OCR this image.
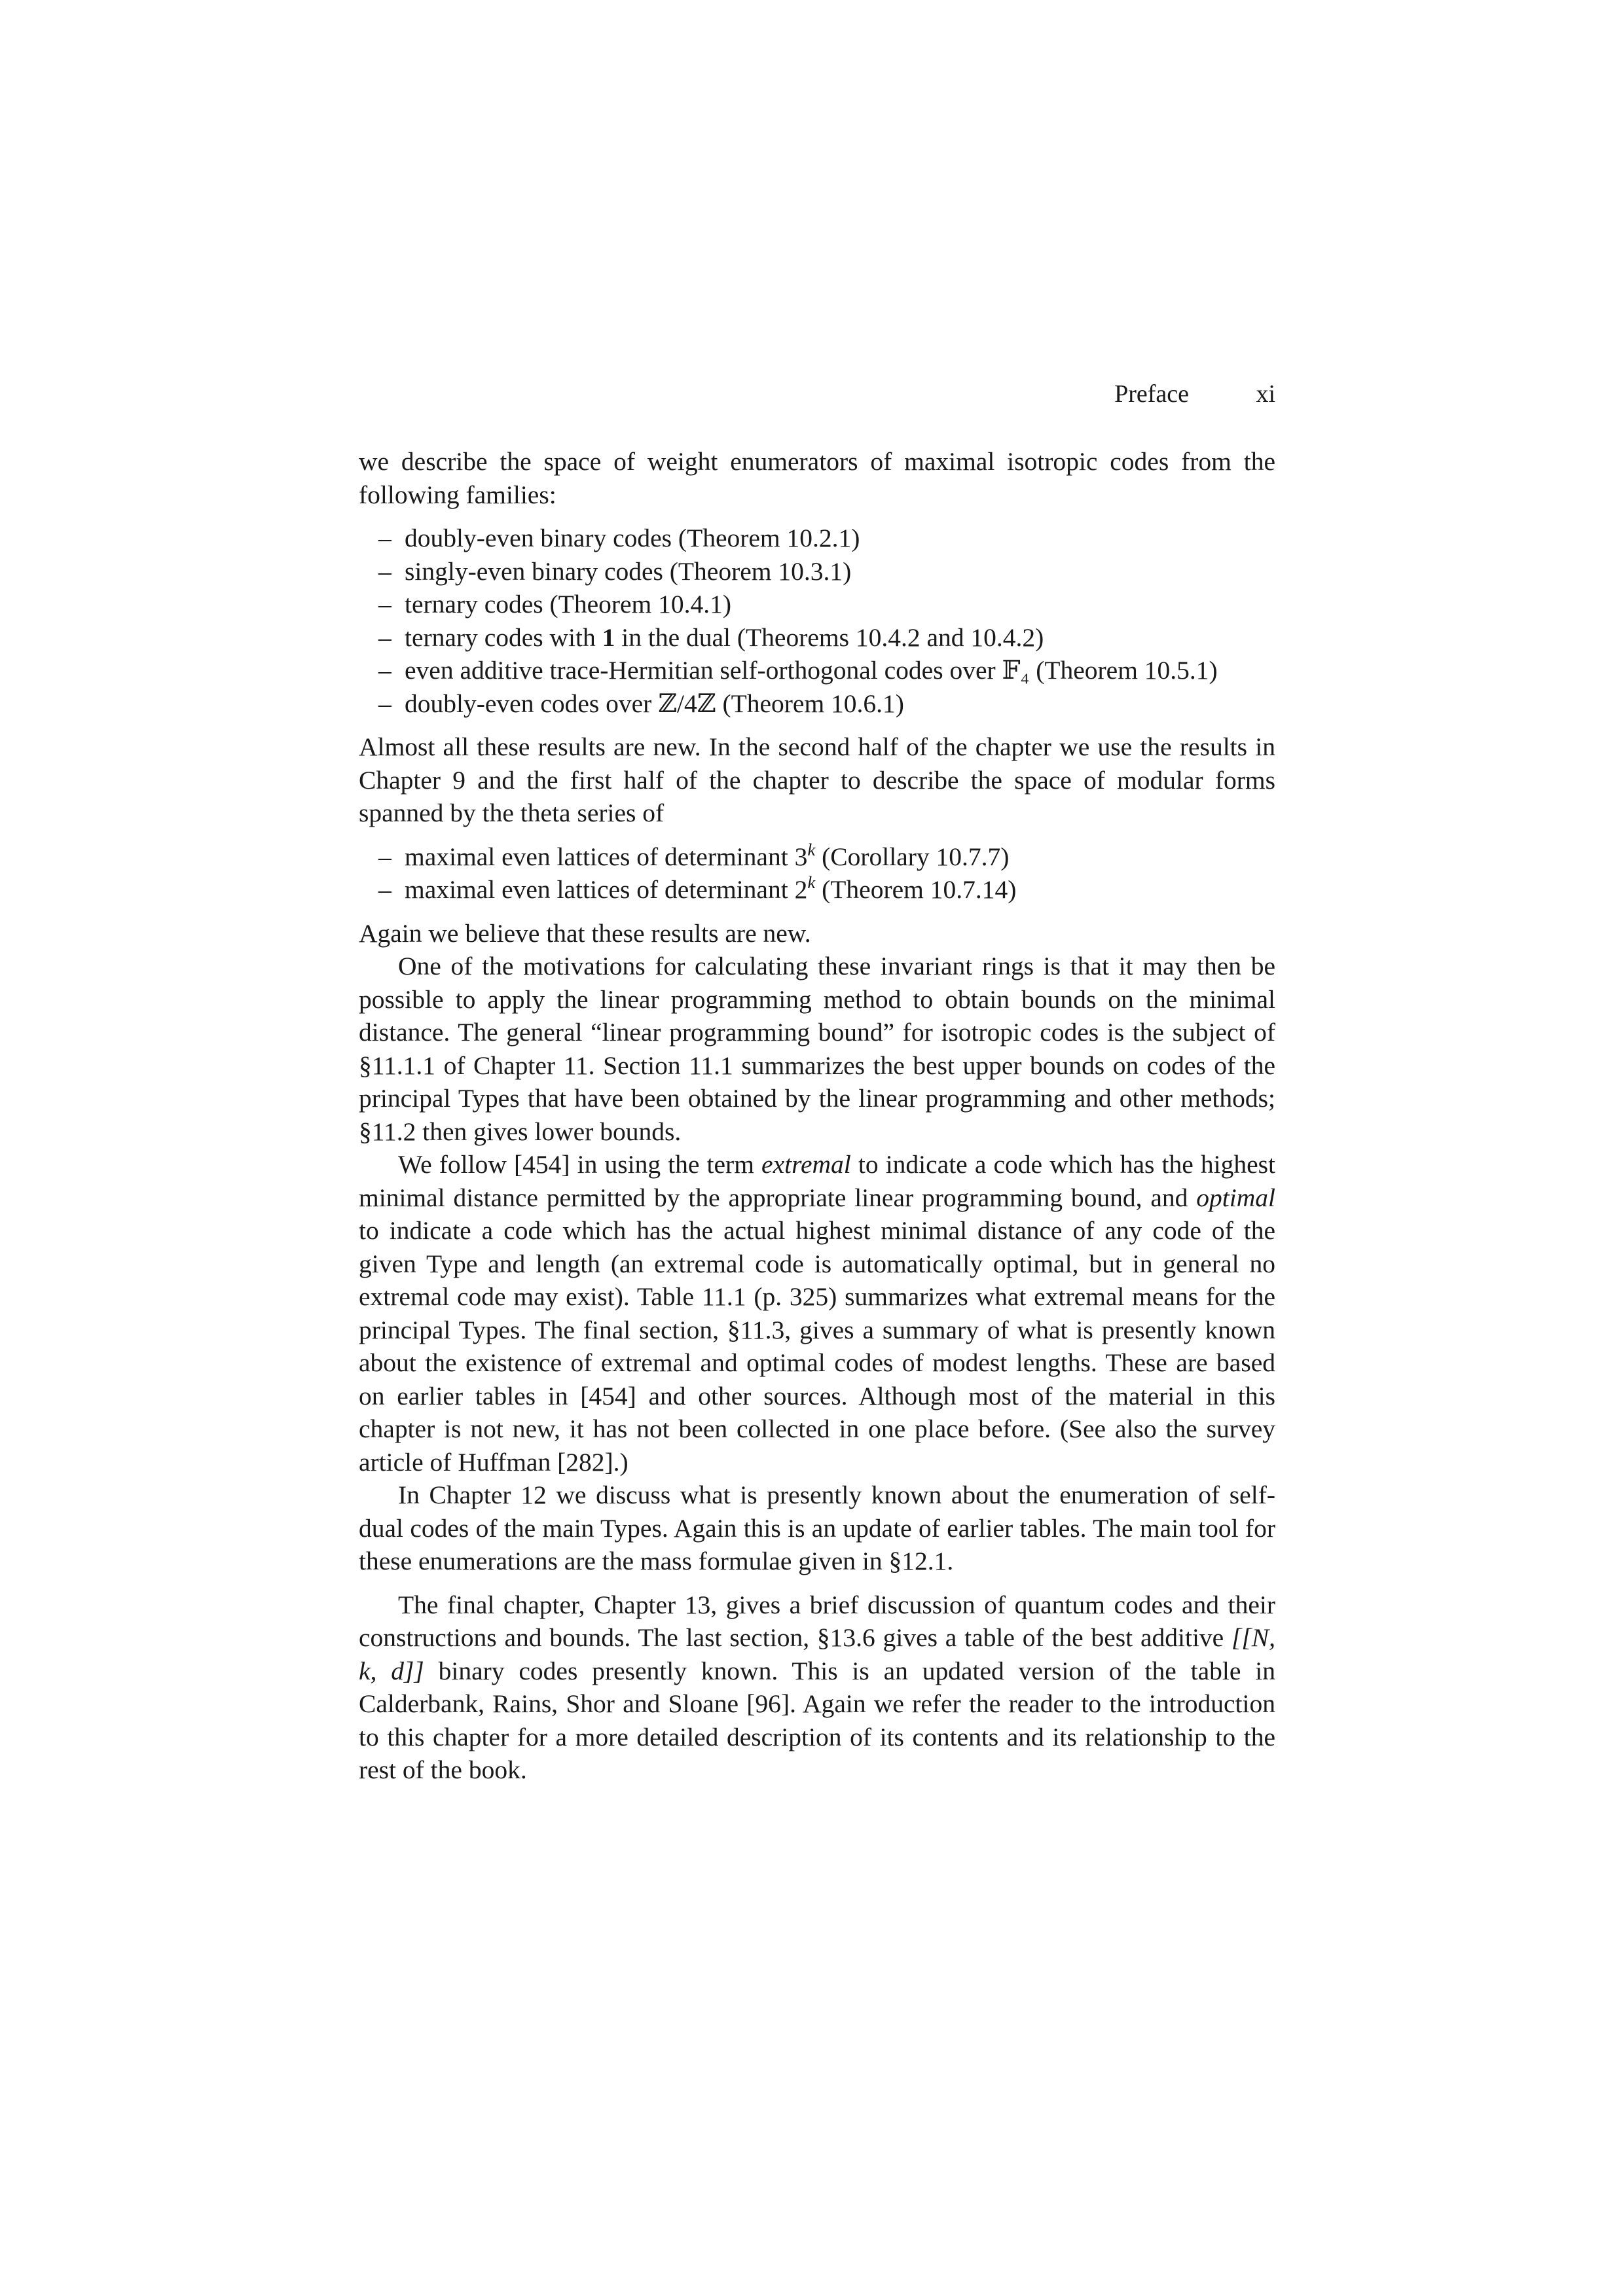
Preface	xi

we describe the space of weight enumerators of maximal isotropic codes from the following families:

– doubly-even binary codes (Theorem 10.2.1)
– singly-even binary codes (Theorem 10.3.1)
– ternary codes (Theorem 10.4.1)
– ternary codes with 1 in the dual (Theorems 10.4.2 and 10.4.2)
– even additive trace-Hermitian self-orthogonal codes over 𝔽₄ (Theorem 10.5.1)
– doubly-even codes over ℤ/4ℤ (Theorem 10.6.1)

Almost all these results are new. In the second half of the chapter we use the results in Chapter 9 and the first half of the chapter to describe the space of modular forms spanned by the theta series of

– maximal even lattices of determinant 3$^k$ (Corollary 10.7.7)
– maximal even lattices of determinant 2$^k$ (Theorem 10.7.14)

Again we believe that these results are new.

One of the motivations for calculating these invariant rings is that it may then be possible to apply the linear programming method to obtain bounds on the minimal distance. The general “linear programming bound” for isotropic codes is the subject of §11.1.1 of Chapter 11. Section 11.1 summarizes the best upper bounds on codes of the principal Types that have been obtained by the linear programming and other methods; §11.2 then gives lower bounds.

We follow [454] in using the term extremal to indicate a code which has the highest minimal distance permitted by the appropriate linear programming bound, and optimal to indicate a code which has the actual highest minimal distance of any code of the given Type and length (an extremal code is automatically optimal, but in general no extremal code may exist). Table 11.1 (p. 325) summarizes what extremal means for the principal Types. The final section, §11.3, gives a summary of what is presently known about the existence of extremal and optimal codes of modest lengths. These are based on earlier tables in [454] and other sources. Although most of the material in this chapter is not new, it has not been collected in one place before. (See also the survey article of Huffman [282].)

In Chapter 12 we discuss what is presently known about the enumeration of self-dual codes of the main Types. Again this is an update of earlier tables. The main tool for these enumerations are the mass formulae given in §12.1.

The final chapter, Chapter 13, gives a brief discussion of quantum codes and their constructions and bounds. The last section, §13.6 gives a table of the best additive [[N, k, d]] binary codes presently known. This is an updated version of the table in Calderbank, Rains, Shor and Sloane [96]. Again we refer the reader to the introduction to this chapter for a more detailed description of its contents and its relationship to the rest of the book.
